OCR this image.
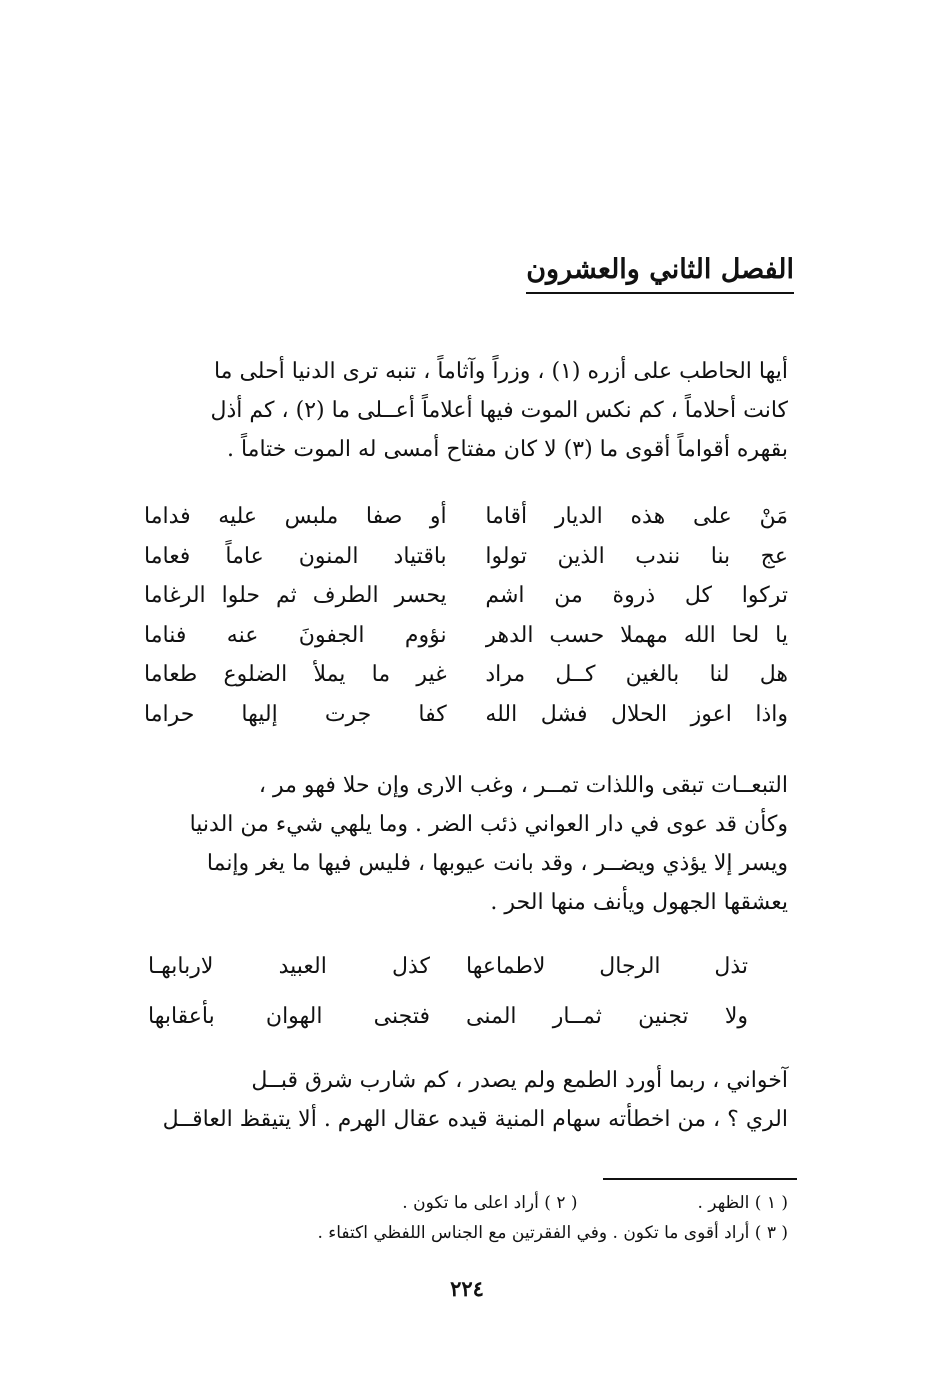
الفصل الثاني والعشرون

أيها الحاطب على أزره (١) ، وزراً وآثاماً ، تنبه ترى الدنيا أحلى ما

كانت أحلاماً ، كم نكس الموت فيها أعلاماً أعــلى ما (٢) ، كم أذل

بقهره أقواماً أقوى ما (٣) لا كان مفتاح أمسى له الموت ختاماً .

مَنْ على هذه الديار أقاما
أو صفا ملبس عليه فداما
عج بنا نندب الذين تولوا
باقتياد المنون عاماً فعاما
تركوا كل ذروة من اشم
يحسر الطرف ثم حلوا الرغاما
يا لحا الله مهملا حسب الدهر
نؤوم الجفونَ عنه فناما
هل لنا بالغين كــل مراد
غير ما يملأ الضلوع طعاما
واذا اعوز الحلال فشل الله
كفا جرت إليها حراما

التبعــات تبقى واللذات تمــر ، وغب الارى وإن حلا فهو مر ،

وكأن قد عوى في دار العواني ذئب الضر . وما يلهي شيء من الدنيا

ويسر إلا يؤذي ويضــر ، وقد بانت عيوبها ، فليس فيها ما يغر وإنما

يعشقها الجهول ويأنف منها الحر .

تذل الرجال لاطماعها
كذل العبيد لاربابهـا
ولا تجنين ثمــار المنى
فتجنى الهوان بأعقابها

آخواني ، ربما أورد الطمع ولم يصدر ، كم شارب شرق قبــل

الري ؟ ، من اخطأته سهام المنية قيده عقال الهرم . ألا يتيقظ العاقــل

( ١ ) الظهر .
( ٢ ) أراد اعلى ما تكون .
( ٣ ) أراد أقوى ما تكون . وفي الفقرتين مع الجناس اللفظي اكتفاء .
٢٢٤
